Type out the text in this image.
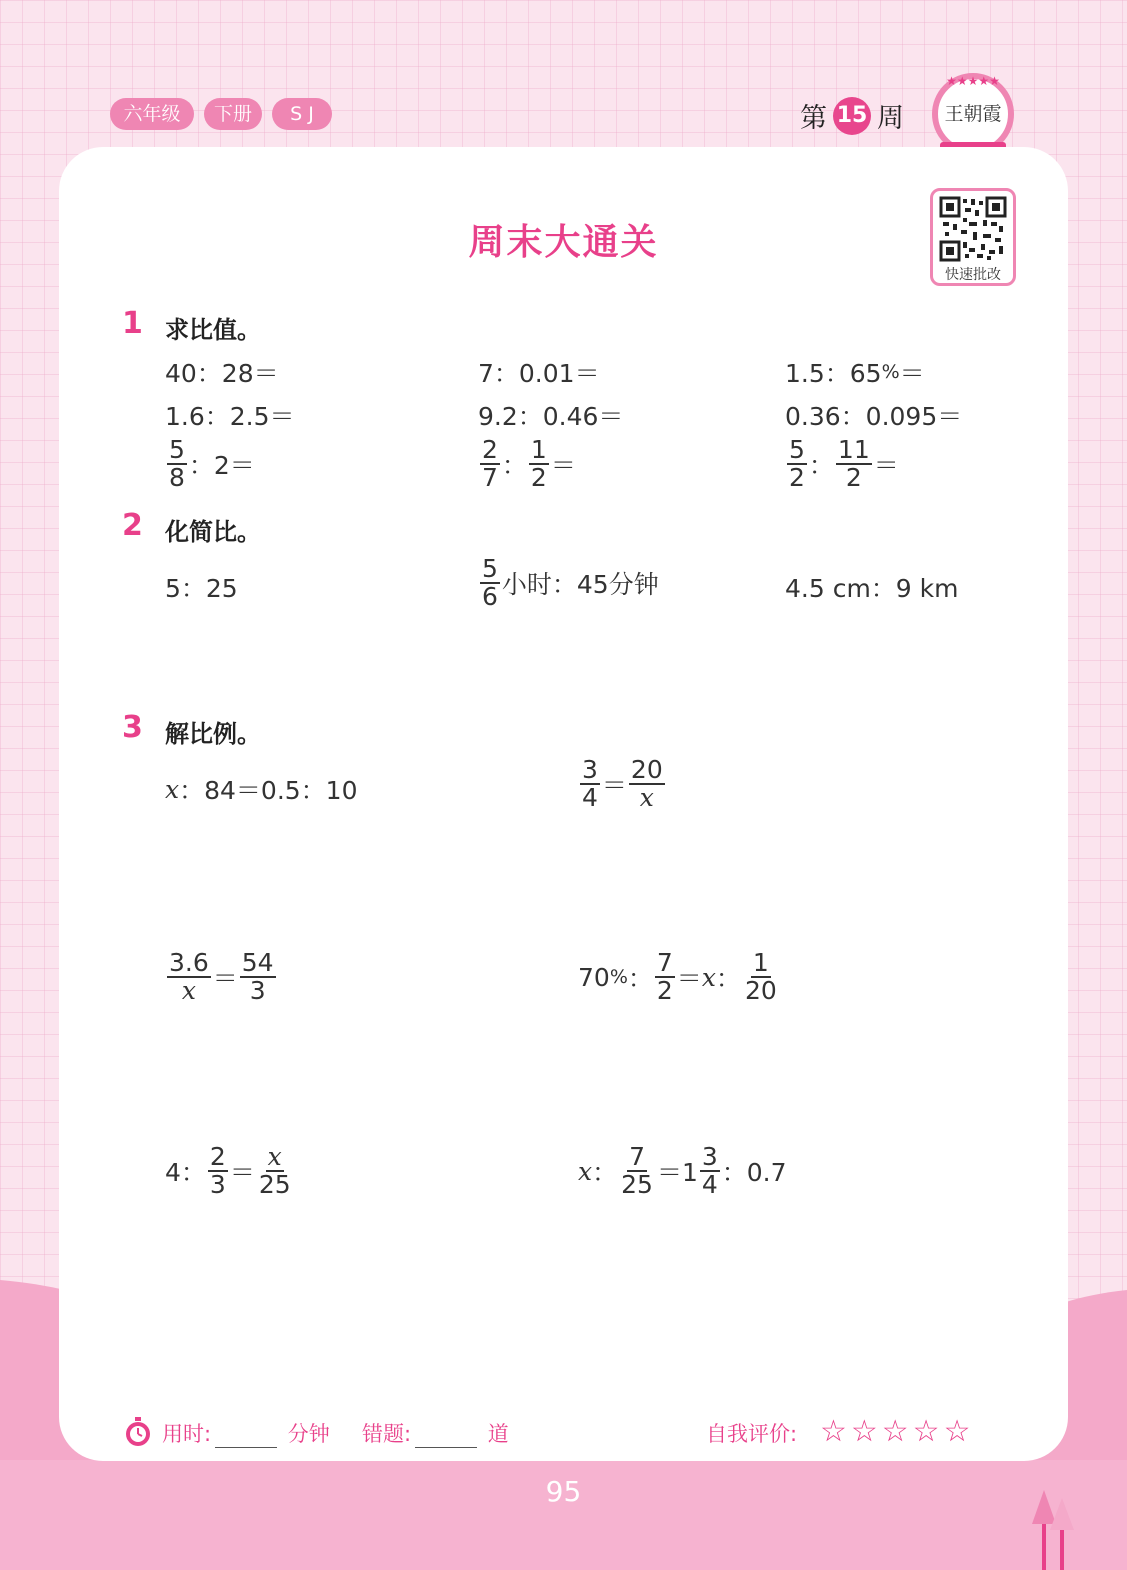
六年级	下册	S J	第 15 周 王朝霞
★★★★★
快速批改
周末大通关
1 求比值。
40：28＝	7：0.01＝	1.5：65 % ＝
1.6：2.5＝	9.2：0.46＝	0.36：0.095＝
$\frac{5}{8}$ ：2＝	$\frac{2}{7}$ ： $\frac{1}{2}$ ＝	$\frac{5}{2}$ ： $\frac{11}{2}$ ＝
2 化简比。
5：25	$\frac{5}{6}$ 小时：45分钟	4.5 cm：9 km
3 解比例。
x ：84＝0.5：10	$\frac{3}{4} = \frac{20}{x}$
$\frac{3.6}{x} = \frac{54}{3}$	70 % ： $\frac{7}{2} = x$ ： $\frac{1}{20}$
4： $\frac{2}{3} = \frac{x}{25}$	x ： $\frac{7}{25} =1 \frac{3}{4}$ ：0.7
用时:	分钟 错题:	道	自我评价: ☆☆☆☆☆
95
